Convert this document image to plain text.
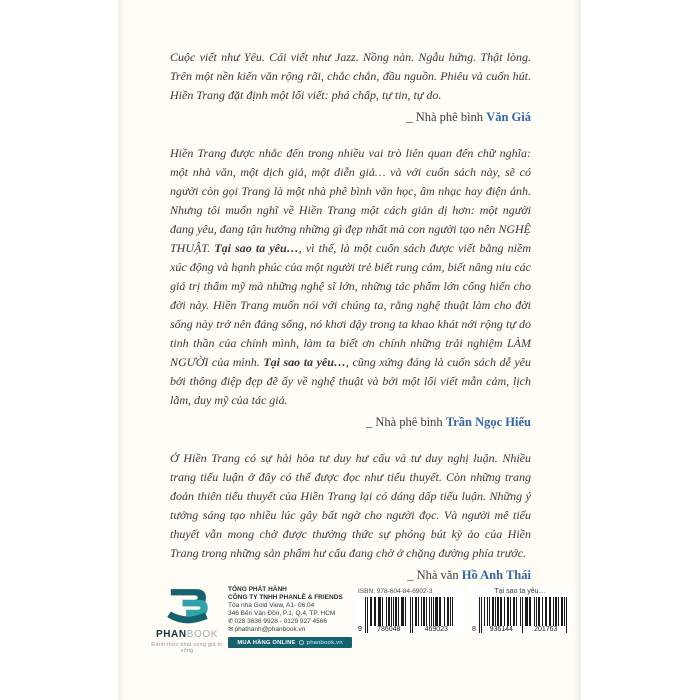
Cuộc viết như Yêu. Cái viết như Jazz. Nồng nàn. Ngẫu hứng. Thật lòng. Trên một nền kiến văn rộng rãi, chắc chắn, đầu nguồn. Phiêu và cuốn hút. Hiền Trang đặt định một lối viết: phá chấp, tự tin, tự do.

_ Nhà phê bình Văn Giá

Hiền Trang được nhắc đến trong nhiều vai trò liên quan đến chữ nghĩa: một nhà văn, một dịch giả, một diễn giả… và với cuốn sách này, sẽ có người còn gọi Trang là một nhà phê bình văn học, âm nhạc hay điện ảnh. Nhưng tôi muốn nghĩ về Hiền Trang một cách giản dị hơn: một người đang yêu, đang tận hưởng những gì đẹp nhất mà con người tạo nên NGHỆ THUẬT. Tại sao ta yêu…, vì thế, là một cuốn sách được viết bằng niềm xúc động và hạnh phúc của một người trẻ biết rung cảm, biết nâng niu các giá trị thẩm mỹ mà những nghệ sĩ lớn, những tác phẩm lớn cống hiến cho đời này. Hiền Trang muốn nói với chúng ta, rằng nghệ thuật làm cho đời sống này trở nên đáng sống, nó khơi dậy trong ta khao khát nới rộng tự do tinh thần của chính mình, làm ta biết ơn chính những trải nghiệm LÀM NGƯỜI của mình. Tại sao ta yêu…, cũng xứng đáng là cuốn sách dễ yêu bởi thông điệp đẹp đẽ ấy về nghệ thuật và bởi một lối viết mẫn cảm, lịch lãm, duy mỹ của tác giả.

_ Nhà phê bình Trần Ngọc Hiếu

Ở Hiền Trang có sự hài hòa tư duy hư cấu và tư duy nghị luận. Nhiều trang tiểu luận ở đây có thể được đọc như tiểu thuyết. Còn những trang đoản thiên tiểu thuyết của Hiền Trang lại có dáng dấp tiểu luận. Những ý tưởng sáng tạo nhiều lúc gây bất ngờ cho người đọc. Và người mê tiểu thuyết vẫn mong chờ được thưởng thức sự phóng bút kỳ ảo của Hiền Trang trong những sản phẩm hư cấu đang chờ ở chặng đường phía trước.

_ Nhà văn Hồ Anh Thái

PHANBOOK
Đánh thức khát vọng giá trị sống
TỔNG PHÁT HÀNH
CÔNG TY TNHH PHANLÊ & FRIENDS
Tòa nhà Gold View, A1- 06.04
346 Bến Vân Đồn, P.1, Q.4, TP. HCM
✆028 3636 9928 - 0129 927 4566
✉phathanh@phanbook.vn
MUA HÀNG ONLINE phanbook.vn
ISBN: 978-604-84-6902-3
9	786048	469023
Tại sao ta yêu…
8	936144	201763
